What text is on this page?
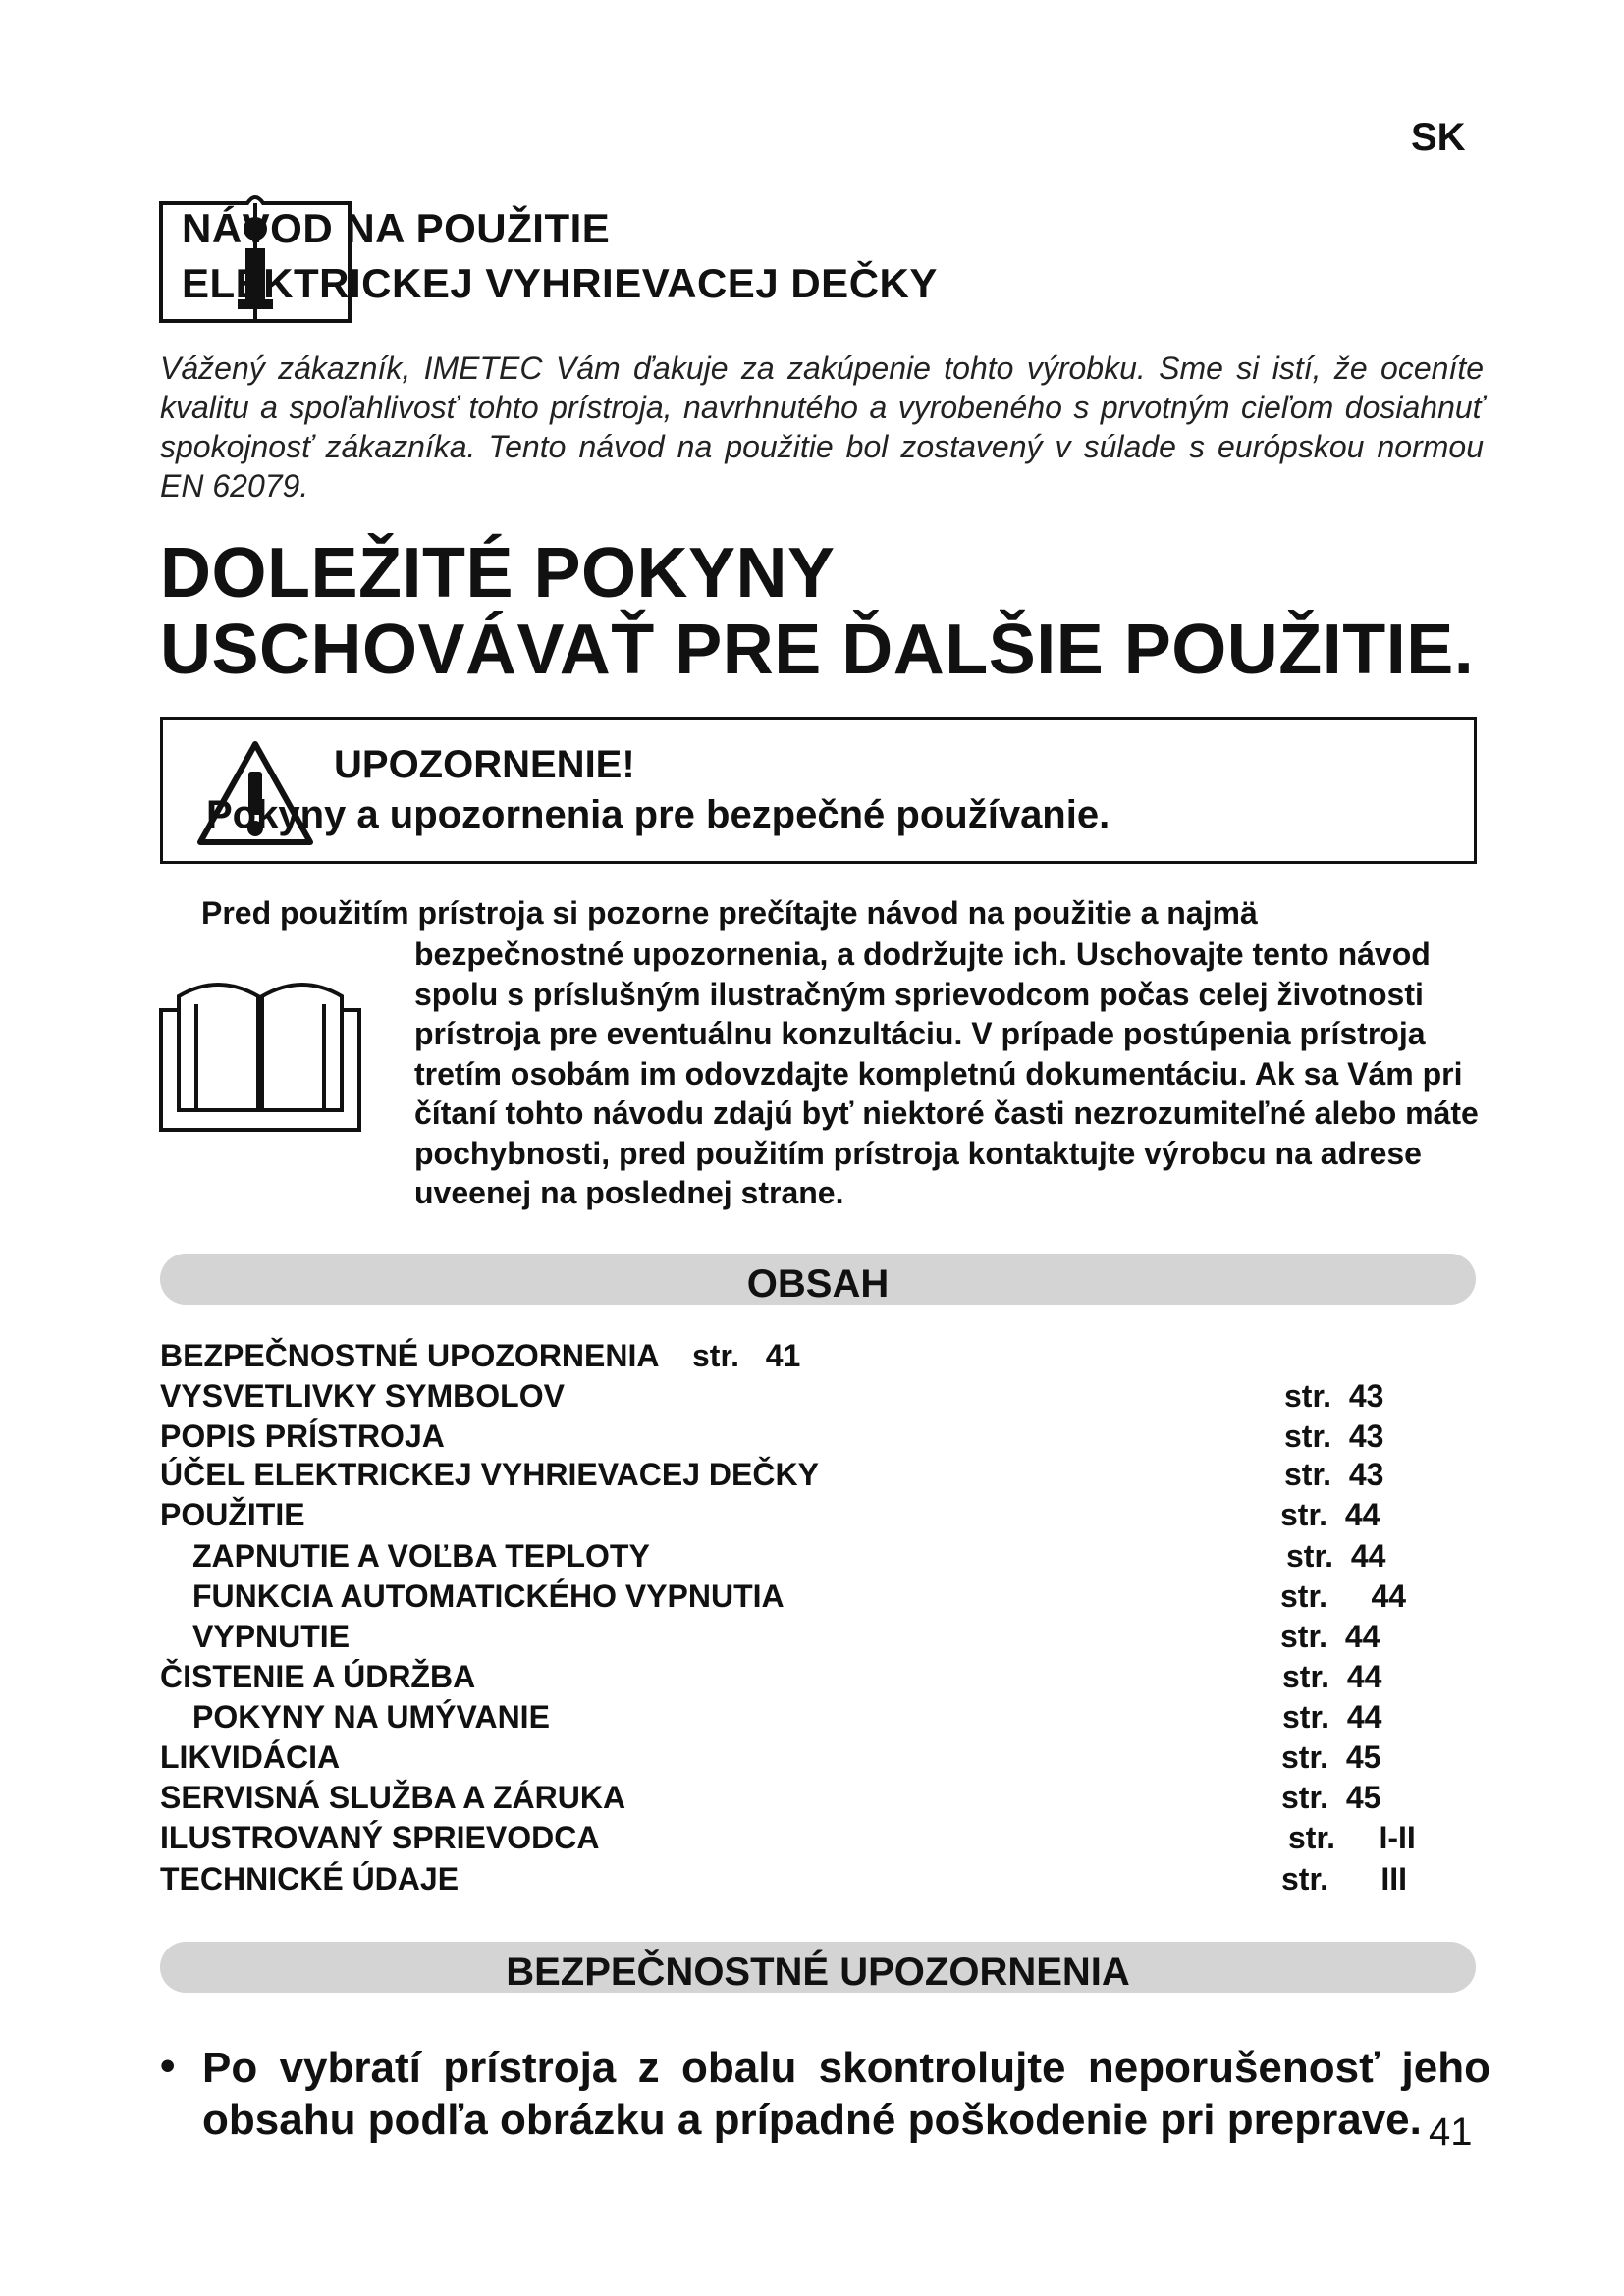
SK
NÁVOD NA POUŽITIE
ELEKTRICKEJ VYHRIEVACEJ DEČKY
Vážený zákazník, IMETEC Vám ďakuje za zakúpenie tohto výrobku. Sme si istí, že oceníte kvalitu a spoľahlivosť tohto prístroja, navrhnutého a vyrobeného s prvotným cieľom dosiahnuť spokojnosť zákazníka. Tento návod na použitie bol zostavený v súlade s európskou normou EN 62079.
DOLEŽITÉ POKYNY
USCHOVÁVAŤ PRE ĎALŠIE POUŽITIE.
UPOZORNENIE!
Pokyny a upozornenia pre bezpečné používanie.
Pred použitím prístroja si pozorne prečítajte návod na použitie a najmä
bezpečnostné upozornenia, a dodržujte ich. Uschovajte tento návod spolu s príslušným ilustračným sprievodcom počas celej životnosti prístroja pre eventuálnu konzultáciu. V prípade postúpenia prístroja tretím osobám im odovzdajte kompletnú dokumentáciu. Ak sa Vám pri čítaní tohto návodu zdajú byť niektoré časti nezrozumiteľné alebo máte pochybnosti, pred použitím prístroja kontaktujte výrobcu na adrese uveenej na poslednej strane.
OBSAH
BEZPEČNOSTNÉ UPOZORNENIA str.   41
VYSVETLIVKY SYMBOLOV	str.  43
POPIS PRÍSTROJA	str.  43
ÚČEL ELEKTRICKEJ VYHRIEVACEJ DEČKY	str.  43
POUŽITIE	str.  44
ZAPNUTIE A VOĽBA TEPLOTY	str.  44
FUNKCIA AUTOMATICKÉHO VYPNUTIA	str.     44
VYPNUTIE	str.  44
ČISTENIE A ÚDRŽBA	str.  44
POKYNY NA UMÝVANIE	str.  44
LIKVIDÁCIA	str.  45
SERVISNÁ SLUŽBA A ZÁRUKA	str.  45
ILUSTROVANÝ SPRIEVODCA	str.     I-II
TECHNICKÉ ÚDAJE	str.      III
BEZPEČNOSTNÉ UPOZORNENIA
• Po vybratí prístroja z obalu skontrolujte neporušenosť jeho obsahu podľa obrázku a prípadné poškodenie pri preprave. 41
